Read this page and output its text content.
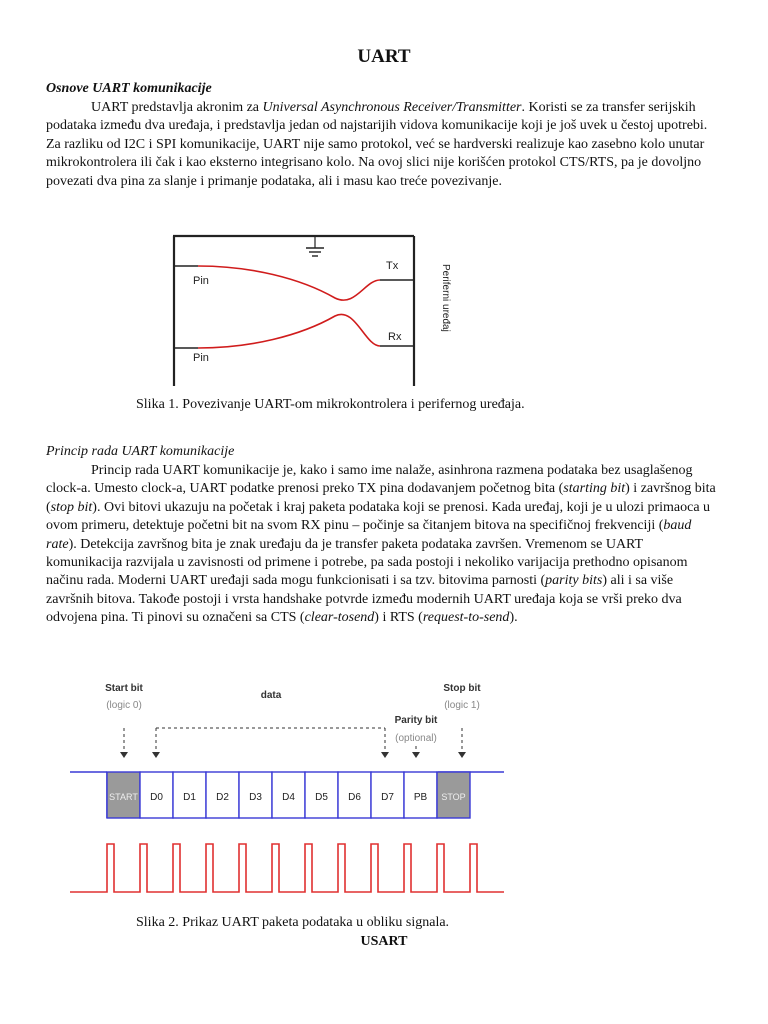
UART
Osnove UART komunikacije
UART predstavlja akronim za Universal Asynchronous Receiver/Transmitter. Koristi se za transfer serijskih podataka između dva uređaja, i predstavlja jedan od najstarijih vidova komunikacije koji je još uvek u čestoj upotrebi. Za razliku od I2C i SPI komunikacije, UART nije samo protokol, već se hardverski realizuje kao zasebno kolo unutar mikrokontrolera ili čak i kao eksterno integrisano kolo. Na ovoj slici nije korišćen protokol CTS/RTS, pa je dovoljno povezati dva pina za slanje i primanje podataka, ali i masu kao treće povezivanje.
Pin
Pin
Tx
Rx
Periferni uređaj
Slika 1. Povezivanje UART-om mikrokontrolera i perifernog uređaja.
Princip rada UART komunikacije
Princip rada UART komunikacije je, kako i samo ime nalaže, asinhrona razmena podataka bez usaglašenog clock-a. Umesto clock-a, UART podatke prenosi preko TX pina dodavanjem početnog bita (starting bit) i završnog bita (stop bit). Ovi bitovi ukazuju na početak i kraj paketa podataka koji se prenosi. Kada uređaj, koji je u ulozi primaoca u ovom primeru, detektuje početni bit na svom RX pinu – počinje sa čitanjem bitova na specifičnoj frekvenciji (baud rate). Detekcija završnog bita je znak uređaju da je transfer paketa podataka završen. Vremenom se UART komunikacija razvijala u zavisnosti od primene i potrebe, pa sada postoji i nekoliko varijacija prethodno opisanom načinu rada. Moderni UART uređaji sada mogu funkcionisati i sa tzv. bitovima parnosti (parity bits) ali i sa više završnih bitova. Takođe postoji i vrsta handshake potvrde između modernih UART uređaja koja se vrši preko dva odvojena pina. Ti pinovi su označeni sa CTS (clear-tosend) i RTS (request-to-send).
Start bit
(logic 0)
data
Parity bit
(optional)
Stop bit
(logic 1)
START D0 D1 D2 D3 D4 D5 D6 D7 PB STOP
Slika 2. Prikaz UART paketa podataka u obliku signala.
USART
